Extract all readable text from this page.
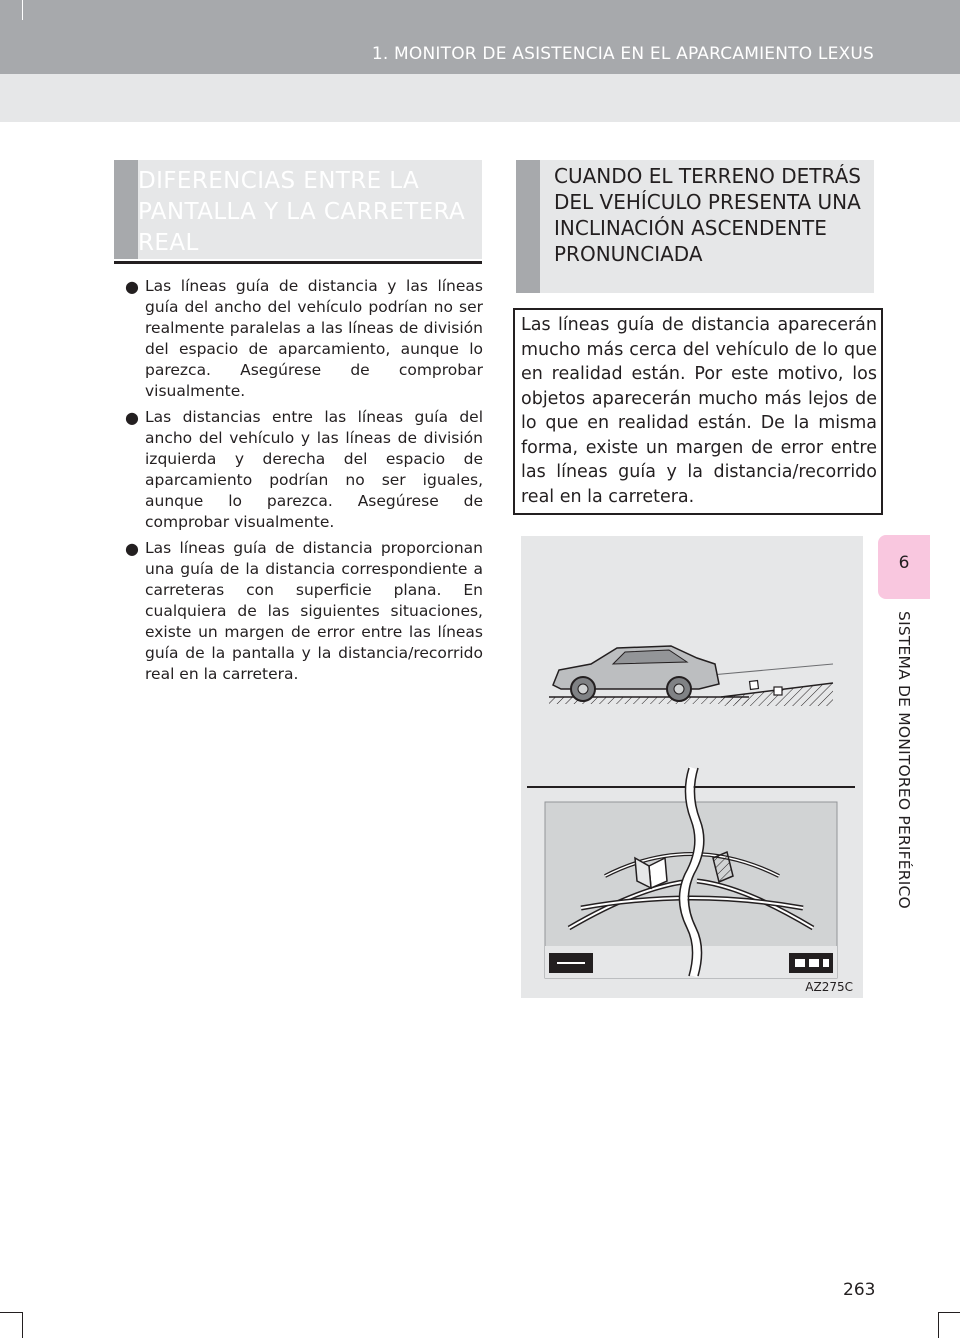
1. MONITOR DE ASISTENCIA EN EL APARCAMIENTO LEXUS
6
SISTEMA DE MONITOREO PERIFÉRICO
DIFERENCIAS ENTRE LA PANTALLA Y LA CARRETERA REAL
● Las líneas guía de distancia y las líneas guía del ancho del vehículo podrían no ser realmente paralelas a las líneas de división del espacio de aparcamiento, aunque lo parezca. Asegúrese de comprobar visualmente.
● Las distancias entre las líneas guía del ancho del vehículo y las líneas de división izquierda y derecha del espacio de aparcamiento podrían no ser iguales, aunque lo parezca. Asegúrese de comprobar visualmente.
● Las líneas guía de distancia proporcionan una guía de la distancia correspondiente a carreteras con superficie plana. En cualquiera de las siguientes situaciones, existe un margen de error entre las líneas guía de la pantalla y la distancia/recorrido real en la carretera.
CUANDO EL TERRENO DETRÁS DEL VEHÍCULO PRESENTA UNA INCLINACIÓN ASCENDENTE PRONUNCIADA
Las líneas guía de distancia aparecerán mucho más cerca del vehículo de lo que en realidad están. Por este motivo, los objetos aparecerán mucho más lejos de lo que en realidad están. De la misma forma, existe un margen de error entre las líneas guía y la distancia/recorrido real en la carretera.
AZ275C
263
